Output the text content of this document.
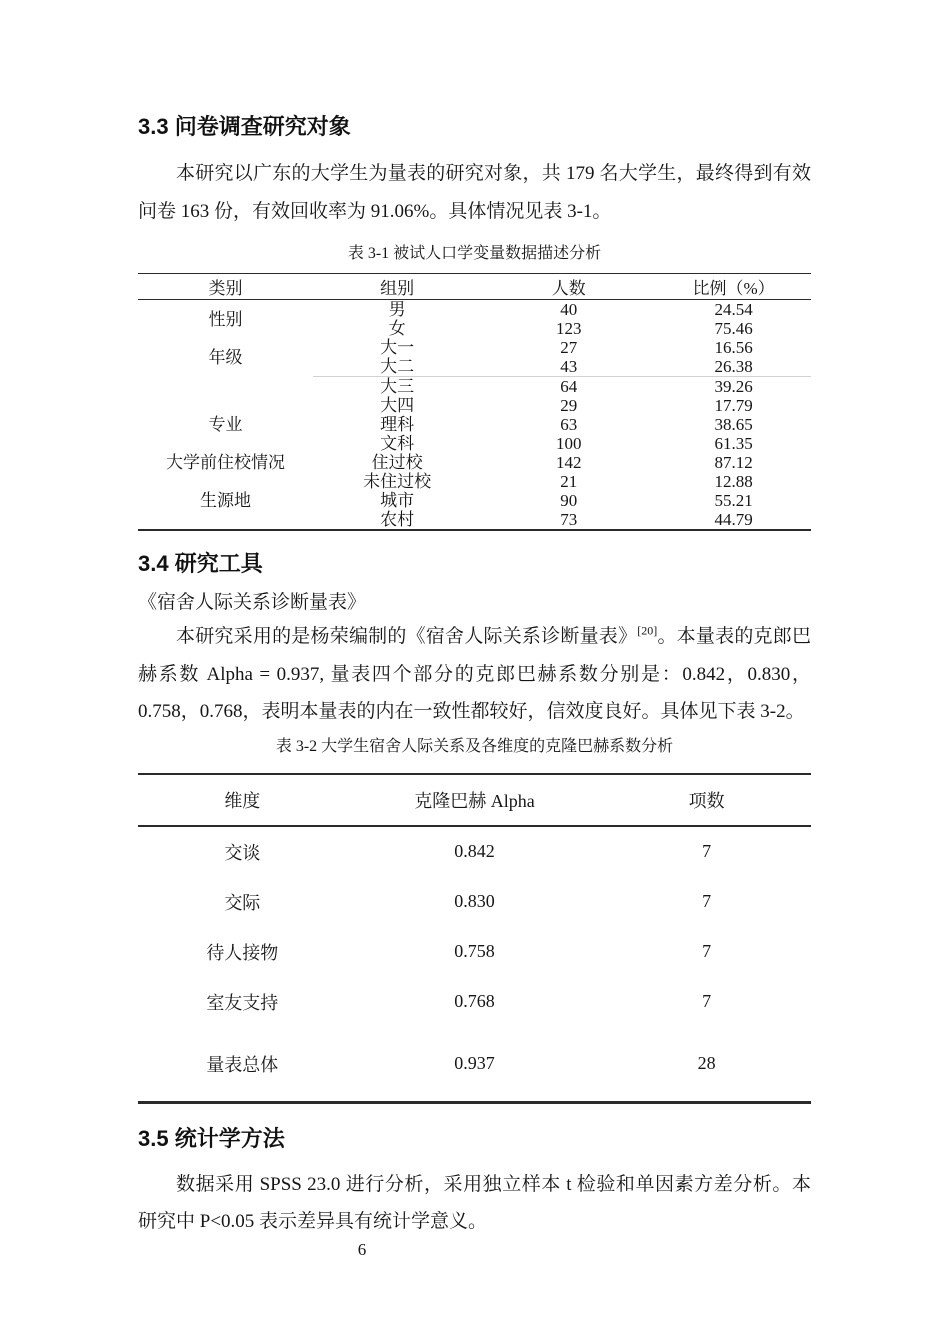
3.3 问卷调查研究对象

本研究以广东的大学生为量表的研究对象，共 179 名大学生，最终得到有效问卷 163 份，有效回收率为 91.06%。具体情况见表 3-1。

表 3-1 被试人口学变量数据描述分析

类别	组别	人数	比例（%）
性别	男	40	24.54
	女	123	75.46
年级	大一	27	16.56
	大二	43	26.38
	大三	64	39.26
	大四	29	17.79
专业	理科	63	38.65
	文科	100	61.35
大学前住校情况	住过校	142	87.12
	未住过校	21	12.88
生源地	城市	90	55.21
	农村	73	44.79
3.4 研究工具

《宿舍人际关系诊断量表》

本研究采用的是杨荣编制的《宿舍人际关系诊断量表》[20]。本量表的克郎巴赫系数 Alpha = 0.937, 量表四个部分的克郎巴赫系数分别是：0.842，0.830，0.758，0.768，表明本量表的内在一致性都较好，信效度良好。具体见下表 3-2。

表 3-2 大学生宿舍人际关系及各维度的克隆巴赫系数分析

维度	克隆巴赫 Alpha	项数
交谈	0.842	7
交际	0.830	7
待人接物	0.758	7
室友支持	0.768	7
量表总体	0.937	28
3.5 统计学方法

数据采用 SPSS 23.0 进行分析，采用独立样本 t 检验和单因素方差分析。本研究中 P<0.05 表示差异具有统计学意义。

6
